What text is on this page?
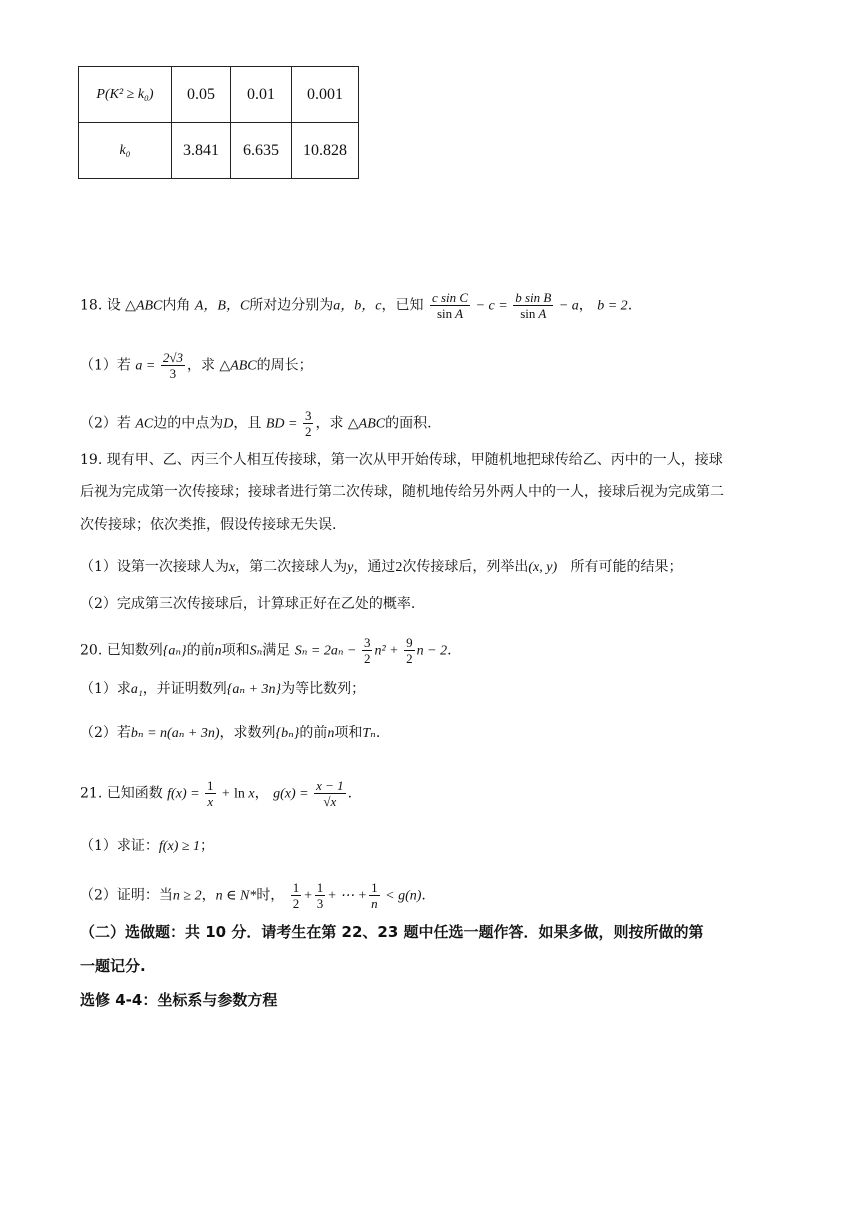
P(K² ≥ k₀)	0.05	0.01	0.001
k₀	3.841	6.635	10.828
18. 设 △ABC内角 A，B，C所对边分别为a，b，c，已知 $\frac{\text{c sin C}}{\text{sin A}} - c = \frac{\text{b sin B}}{\text{sin A}} - a$， b = 2.
（1）若 $a = \frac{2√3}{3}$ ，求 △ABC的周长；
（2）若 AC边的中点为D，且 BD = $\frac{3}{2}$ ，求 △ABC的面积.
19. 现有甲、乙、丙三个人相互传接球，第一次从甲开始传球，甲随机地把球传给乙、丙中的一人，接球
后视为完成第一次传接球；接球者进行第二次传球，随机地传给另外两人中的一人，接球后视为完成第二
次传接球；依次类推，假设传接球无失误.
（1）设第一次接球人为x，第二次接球人为y，通过2次传接球后，列举出(x, y) 所有可能的结果；
（2）完成第三次传接球后，计算球正好在乙处的概率.
20. 已知数列{aₙ}的前n项和Sₙ满足 $S_n = 2a_n - \frac{3}{2} n^2 + \frac{9}{2}$ n − 2.
（1）求a₁，并证明数列{aₙ + 3n}为等比数列；
（2）若bₙ = n(aₙ + 3n)，求数列{bₙ}的前n项和Tₙ.
21. 已知函数 $f(x) = \frac{1}{x} + \ln x$， $g(x) = \frac{x - 1}{√x}$ .
（1）求证：f(x) ≥ 1；
（2）证明：当n ≥ 2，n ∈ N*时， $\frac{1}{2} + \frac{1}{3}$ + ⋯ + $\frac{1}{n} < g(n)$.
（二）选做题：共 10 分．请考生在第 22、23 题中任选一题作答．如果多做，则按所做的第
一题记分.
选修 4-4：坐标系与参数方程
